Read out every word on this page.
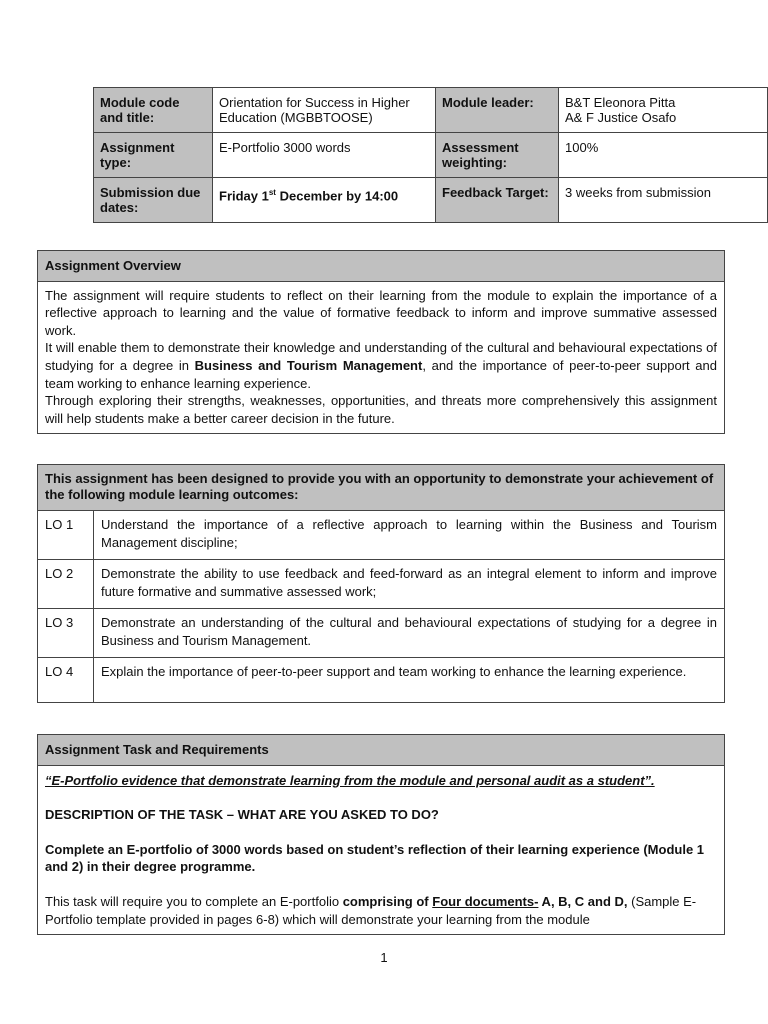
Module code and title:	Orientation for Success in Higher Education (MGBBTOOSE)	Module leader:	B&T Eleonora Pitta
A& F Justice Osafo

Assignment type:	E-Portfolio 3000 words	Assessment weighting:	100%
Submission due dates:	Friday 1st December by 14:00	Feedback Target:	3 weeks from submission
Assignment Overview

The assignment will require students to reflect on their learning from the module to explain the importance of a reflective approach to learning and the value of formative feedback to inform and improve summative assessed work.

It will enable them to demonstrate their knowledge and understanding of the cultural and behavioural expectations of studying for a degree in Business and Tourism Management, and the importance of peer-to-peer support and team working to enhance learning experience.

Through exploring their strengths, weaknesses, opportunities, and threats more comprehensively this assignment will help students make a better career decision in the future.

This assignment has been designed to provide you with an opportunity to demonstrate your achievement of the following module learning outcomes:
LO 1	Understand the importance of a reflective approach to learning within the Business and Tourism Management discipline;
LO 2	Demonstrate the ability to use feedback and feed-forward as an integral element to inform and improve future formative and summative assessed work;
LO 3	Demonstrate an understanding of the cultural and behavioural expectations of studying for a degree in Business and Tourism Management.
LO 4	Explain the importance of peer-to-peer support and team working to enhance the learning experience.
Assignment Task and Requirements

“E-Portfolio evidence that demonstrate learning from the module and personal audit as a student”.

DESCRIPTION OF THE TASK – WHAT ARE YOU ASKED TO DO?

Complete an E-portfolio of 3000 words based on student’s reflection of their learning experience (Module 1 and 2) in their degree programme.

This task will require you to complete an E-portfolio comprising of Four documents- A, B, C and D, (Sample E-Portfolio template provided in pages 6-8) which will demonstrate your learning from the module

1
